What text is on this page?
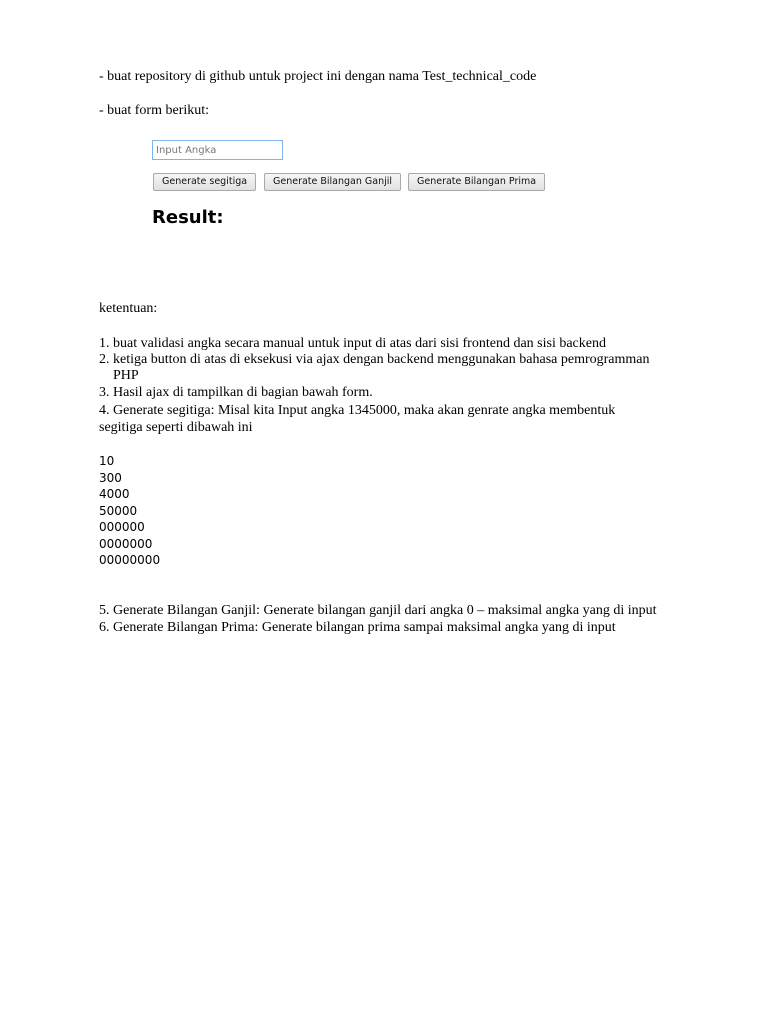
- buat repository di github untuk project ini dengan nama Test_technical_code
- buat form berikut:
Input Angka
Generate segitiga	Generate Bilangan Ganjil	Generate Bilangan Prima
Result:
ketentuan:
1. buat validasi angka secara manual untuk input di atas dari sisi frontend dan sisi backend
2. ketiga button di atas di eksekusi via ajax dengan backend menggunakan bahasa pemrogramman
PHP
3. Hasil ajax di tampilkan di bagian bawah form.
4. Generate segitiga: Misal kita Input angka 1345000, maka akan genrate angka membentuk
segitiga seperti dibawah ini
10
300
4000
50000
000000
0000000
00000000
5. Generate Bilangan Ganjil: Generate bilangan ganjil dari angka 0 – maksimal angka yang di input
6. Generate Bilangan Prima: Generate bilangan prima sampai maksimal angka yang di input
